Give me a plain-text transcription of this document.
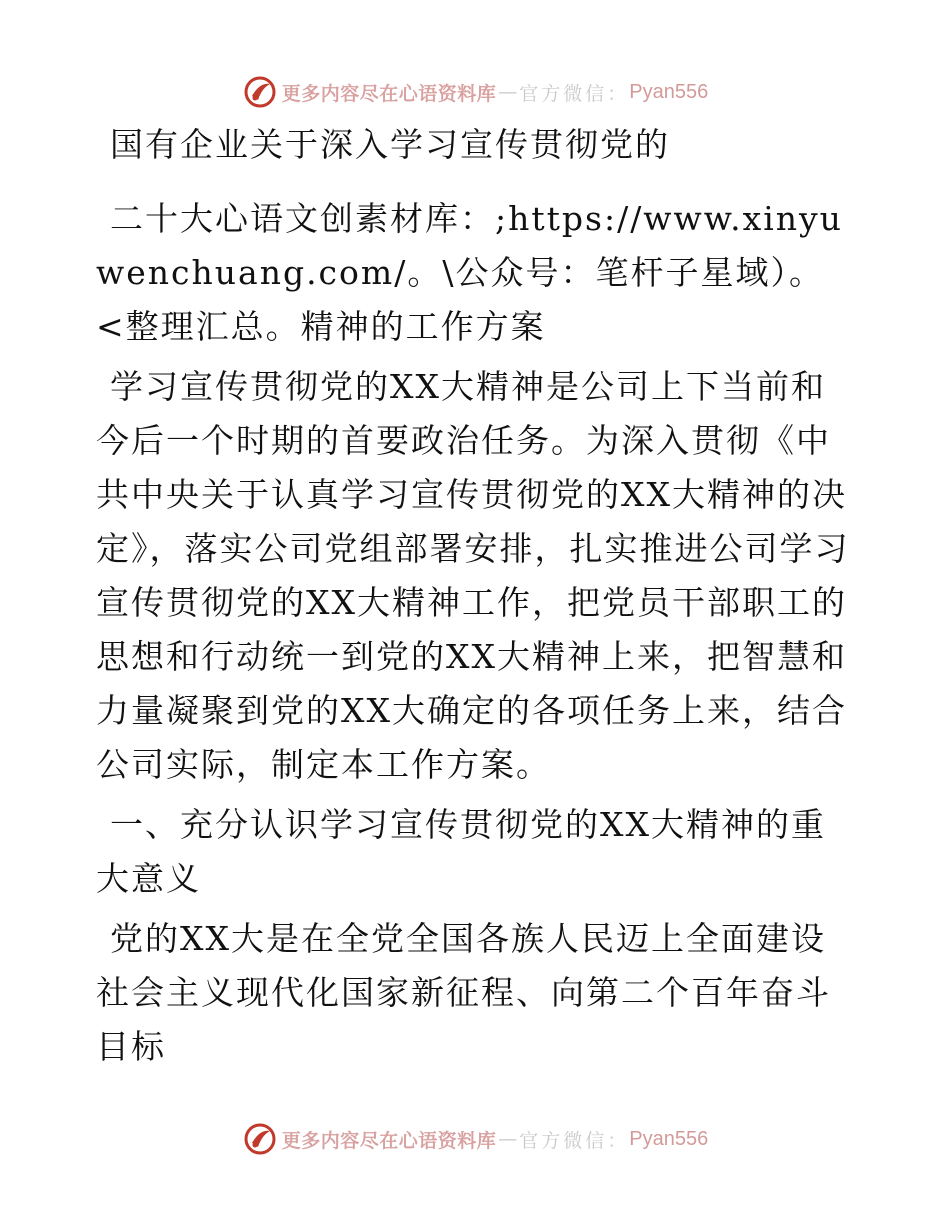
更多内容尽在心语资料库 — 官方微信： Pyan556

国有企业关于深入学习宣传贯彻党的

二十大心语文创素材库：;https://www.xinyuwenchuang.com/。\公众号：笔杆子星域）。<整理汇总。精神的工作方案

学习宣传贯彻党的XX大精神是公司上下当前和今后一个时期的首要政治任务。为深入贯彻《中共中央关于认真学习宣传贯彻党的XX大精神的决定》，落实公司党组部署安排，扎实推进公司学习宣传贯彻党的XX大精神工作，把党员干部职工的思想和行动统一到党的XX大精神上来，把智慧和力量凝聚到党的XX大确定的各项任务上来，结合公司实际，制定本工作方案。

一、充分认识学习宣传贯彻党的XX大精神的重大意义

党的XX大是在全党全国各族人民迈上全面建设社会主义现代化国家新征程、向第二个百年奋斗目标

更多内容尽在心语资料库 — 官方微信： Pyan556
